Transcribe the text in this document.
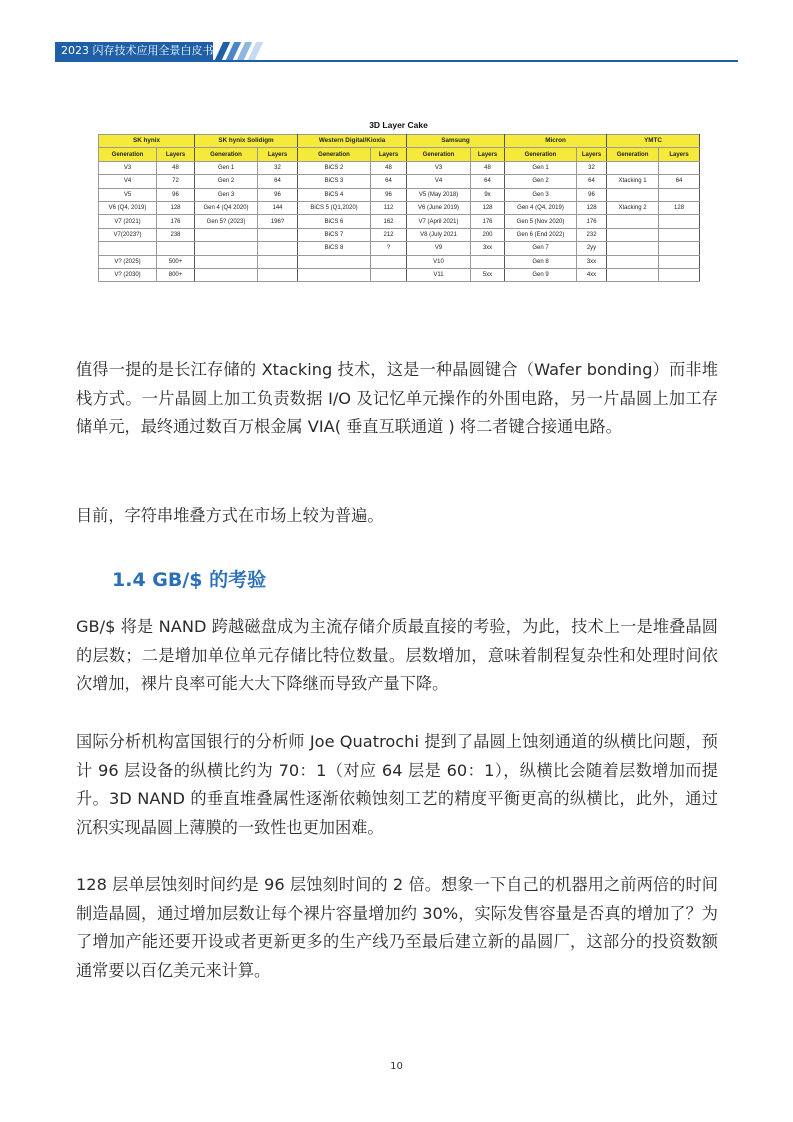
2023 闪存技术应用全景白皮书
3D Layer Cake
SK hynix		SK hynix Solidigm		Western Digital/Kioxia		Samsung		Micron		YMTC	
Generation	Layers	Generation	Layers	Generation	Layers	Generation	Layers	Generation	Layers	Generation	Layers
V3	48	Gen 1	32	BiCS 2	48	V3	48	Gen 1	32		
V4	72	Gen 2	64	BiCS 3	64	V4	64	Gen 2	64	Xtacking 1	64
V5	96	Gen 3	96	BiCS 4	96	V5 (May 2018)	9x	Gen 3	96		
V6 (Q4, 2019)	128	Gen 4 (Q4 2020)	144	BiCS 5 (Q1,2020)	112	V6 (June 2019)	128	Gen 4 (Q4, 2019)	128	Xtacking 2	128
V7 (2021)	176	Gen 5? (2023)	196?	BiCS 6	162	V7 (April 2021)	176	Gen 5 (Nov 2020)	176		
V7(2023?)	238			BiCS 7	212	V8 (July 2021	200	Gen 6 (End 2022)	232		
				BiCS 8	?	V9	3xx	Gen 7	2yy		
V? (2025)	500+					V10		Gen 8	3xx		
V? (2030)	800+					V11	5xx	Gen 9	4xx		

值得一提的是长江存储的 Xtacking 技术，这是一种晶圆键合（Wafer bonding）而非堆栈方式。一片晶圆上加工负责数据 I/O 及记忆单元操作的外围电路，另一片晶圆上加工存储单元，最终通过数百万根金属 VIA( 垂直互联通道 ) 将二者键合接通电路。

目前，字符串堆叠方式在市场上较为普遍。

1.4 GB/$ 的考验

GB/$ 将是 NAND 跨越磁盘成为主流存储介质最直接的考验，为此，技术上一是堆叠晶圆的层数；二是增加单位单元存储比特位数量。层数增加，意味着制程复杂性和处理时间依次增加，裸片良率可能大大下降继而导致产量下降。

国际分析机构富国银行的分析师 Joe Quatrochi 提到了晶圆上蚀刻通道的纵横比问题，预计 96 层设备的纵横比约为 70：1（对应 64 层是 60：1），纵横比会随着层数增加而提升。3D NAND 的垂直堆叠属性逐渐依赖蚀刻工艺的精度平衡更高的纵横比，此外，通过沉积实现晶圆上薄膜的一致性也更加困难。

128 层单层蚀刻时间约是 96 层蚀刻时间的 2 倍。想象一下自己的机器用之前两倍的时间制造晶圆，通过增加层数让每个裸片容量增加约 30%，实际发售容量是否真的增加了？为了增加产能还要开设或者更新更多的生产线乃至最后建立新的晶圆厂，这部分的投资数额通常要以百亿美元来计算。

10
